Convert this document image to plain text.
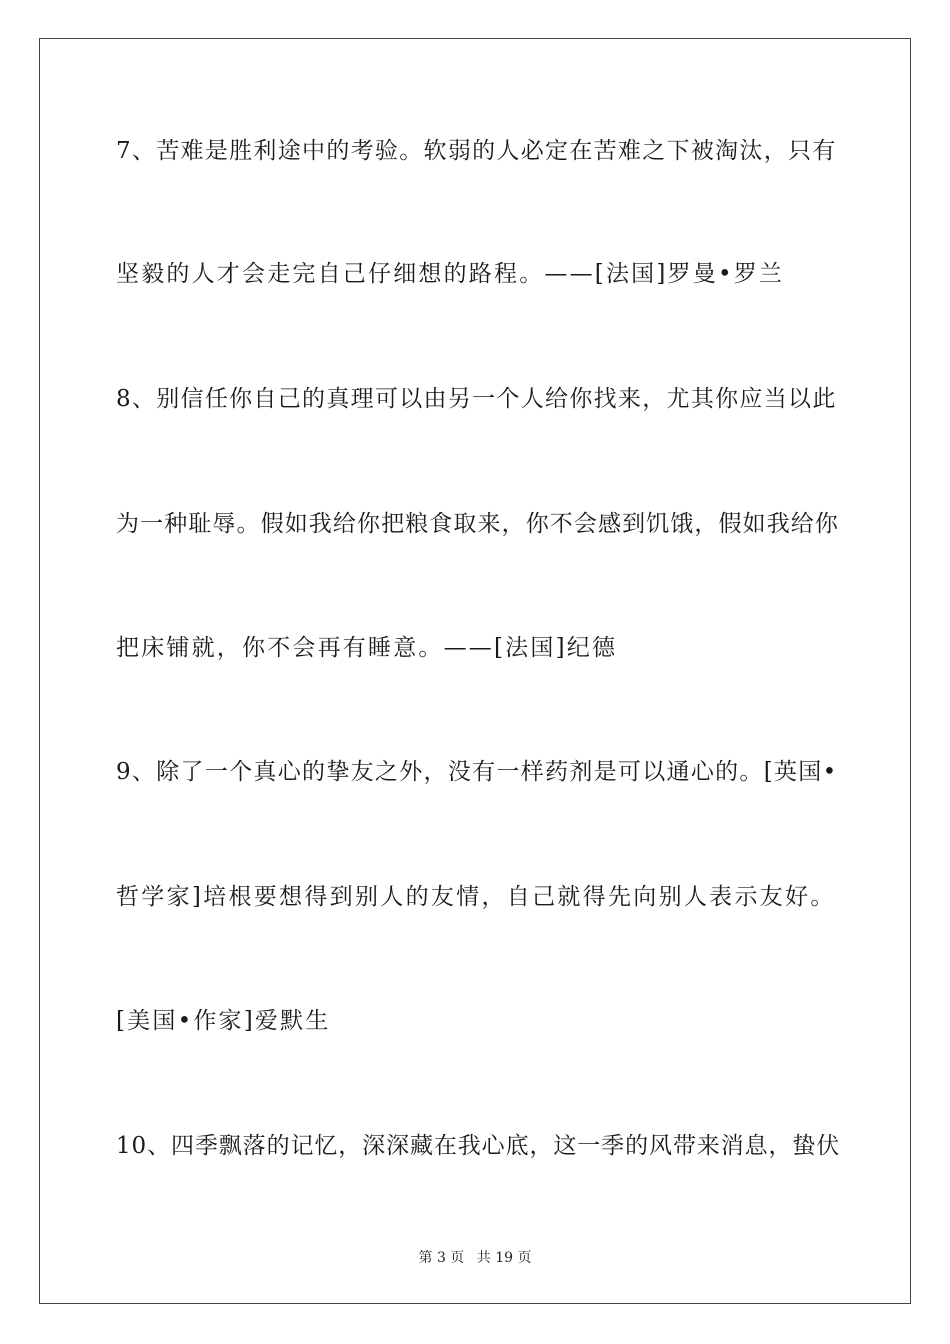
7、苦难是胜利途中的考验。软弱的人必定在苦难之下被淘汰，只有
坚毅的人才会走完自己仔细想的路程。——[法国]罗曼•罗兰
8、别信任你自己的真理可以由另一个人给你找来，尤其你应当以此
为一种耻辱。假如我给你把粮食取来，你不会感到饥饿，假如我给你
把床铺就，你不会再有睡意。——[法国]纪德
9、除了一个真心的挚友之外，没有一样药剂是可以通心的。[英国•
哲学家]培根要想得到别人的友情，自己就得先向别人表示友好。
[美国•作家]爱默生
10、四季飘落的记忆，深深藏在我心底，这一季的风带来消息，蛰伏
第 3 页 共 19 页
